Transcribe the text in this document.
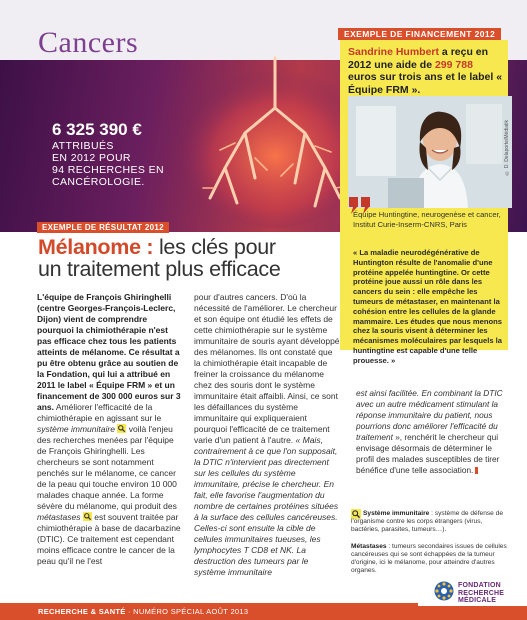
Cancers
6 325 390 €
ATTRIBUÉS
EN 2012 POUR
94 RECHERCHES EN
CANCÉROLOGIE.
EXEMPLE DE FINANCEMENT 2012
Sandrine Humbert a reçu en 2012 une aide de 299 788 euros sur trois ans et le label « Équipe FRM ».
© D. Delaporte/Médiatik
Équipe Huntingtine, neurogenèse et cancer, Institut Curie-Inserm-CNRS, Paris
« La maladie neurodégénérative de Huntington résulte de l'anomalie d'une protéine appelée huntingtine. Or cette protéine joue aussi un rôle dans les cancers du sein : elle empêche les tumeurs de métastaser, en maintenant la cohésion entre les cellules de la glande mammaire. Les études que nous menons chez la souris visent à déterminer les mécanismes moléculaires par lesquels la huntingtine est capable d'une telle prouesse. »
EXEMPLE DE RÉSULTAT 2012
Mélanome : les clés pour
un traitement plus efficace
L'équipe de François Ghiringhelli (centre Georges-François-Leclerc, Dijon) vient de comprendre pourquoi la chimiothérapie n'est pas efficace chez tous les patients atteints de mélanome. Ce résultat a pu être obtenu grâce au soutien de la Fondation, qui lui a attribué en 2011 le label « Équipe FRM » et un financement de 300 000 euros sur 3 ans. Améliorer l'efficacité de la chimiothérapie en agissant sur le système immunitaire  voilà l'enjeu des recherches menées par l'équipe de François Ghiringhelli. Les chercheurs se sont notamment penchés sur le mélanome, ce cancer de la peau qui touche environ 10 000 malades chaque année. La forme sévère du mélanome, qui produit des métastases  est souvent traitée par chimiothérapie à base de dacarbazine (DTIC). Ce traitement est cependant moins efficace contre le cancer de la peau qu'il ne l'est
pour d'autres cancers. D'où la nécessité de l'améliorer. Le chercheur et son équipe ont étudié les effets de cette chimiothérapie sur le système immunitaire de souris ayant développé des mélanomes. Ils ont constaté que la chimiothérapie était incapable de freiner la croissance du mélanome chez des souris dont le système immunitaire était affaibli. Ainsi, ce sont les défaillances du système immunitaire qui expliqueraient pourquoi l'efficacité de ce traitement varie d'un patient à l'autre. « Mais, contrairement à ce que l'on supposait, la DTIC n'intervient pas directement sur les cellules du système immunitaire, précise le chercheur. En fait, elle favorise l'augmentation du nombre de certaines protéines situées à la surface des cellules cancéreuses. Celles-ci sont ensuite la cible de cellules immunitaires tueuses, les lymphocytes T CD8 et NK. La destruction des tumeurs par le système immunitaire
est ainsi facilitée. En combinant la DTIC avec un autre médicament stimulant la réponse immunitaire du patient, nous pourrions donc améliorer l'efficacité du traitement », renchérit le chercheur qui envisage désormais de déterminer le profil des malades susceptibles de tirer bénéfice d'une telle association.
Système immunitaire : système de défense de l'organisme contre les corps étrangers (virus, bactéries, parasites, tumeurs…).
Métastases : tumeurs secondaires issues de cellules cancéreuses qui se sont échappées de la tumeur d'origine, ici le mélanome, pour atteindre d'autres organes.
RECHERCHE & SANTÉ · NUMÉRO SPÉCIAL AOÛT 2013
FONDATION
RECHERCHE
MÉDICALE
